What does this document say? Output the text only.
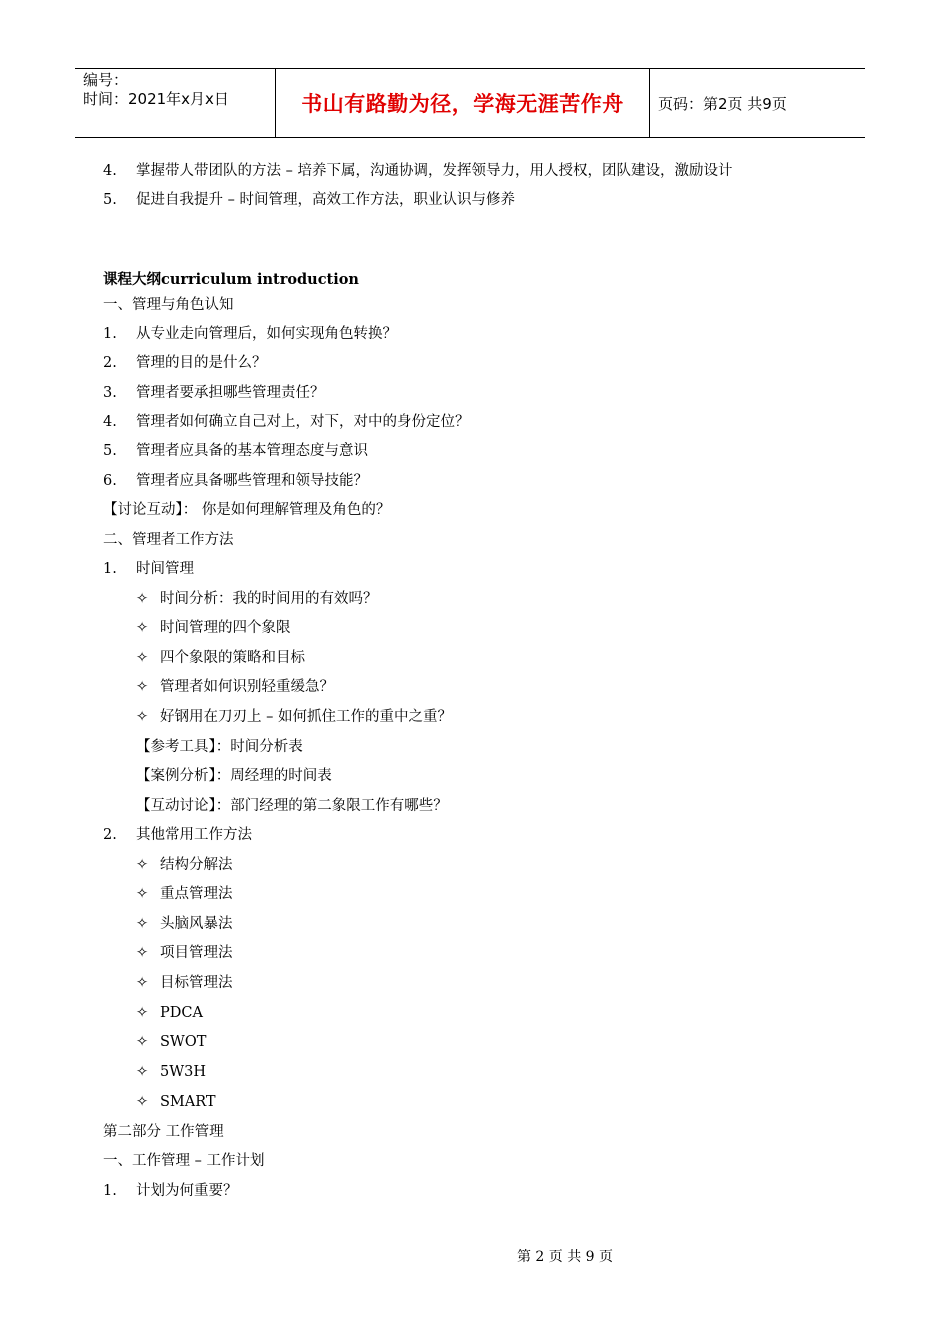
编号：
时间：2021年x月x日	书山有路勤为径，学海无涯苦作舟 页码：第2页 共9页
4. 掌握带人带团队的方法 – 培养下属，沟通协调，发挥领导力，用人授权，团队建设，激励设计
5. 促进自我提升 – 时间管理，高效工作方法，职业认识与修养
课程大纲curriculum introduction
一、管理与角色认知
1. 从专业走向管理后，如何实现角色转换？
2. 管理的目的是什么？
3. 管理者要承担哪些管理责任？
4. 管理者如何确立自己对上，对下，对中的身份定位？
5. 管理者应具备的基本管理态度与意识
6. 管理者应具备哪些管理和领导技能？
【讨论互动】： 你是如何理解管理及角色的？
二、管理者工作方法
1. 时间管理
✧ 时间分析：我的时间用的有效吗？
✧ 时间管理的四个象限
✧ 四个象限的策略和目标
✧ 管理者如何识别轻重缓急？
✧ 好钢用在刀刃上 – 如何抓住工作的重中之重？
【参考工具】：时间分析表
【案例分析】：周经理的时间表
【互动讨论】：部门经理的第二象限工作有哪些？
2. 其他常用工作方法
✧ 结构分解法
✧ 重点管理法
✧ 头脑风暴法
✧ 项目管理法
✧ 目标管理法
✧ PDCA
✧ SWOT
✧ 5W3H
✧ SMART
第二部分 工作管理
一、工作管理 – 工作计划
1. 计划为何重要？
第 2 页 共 9 页
